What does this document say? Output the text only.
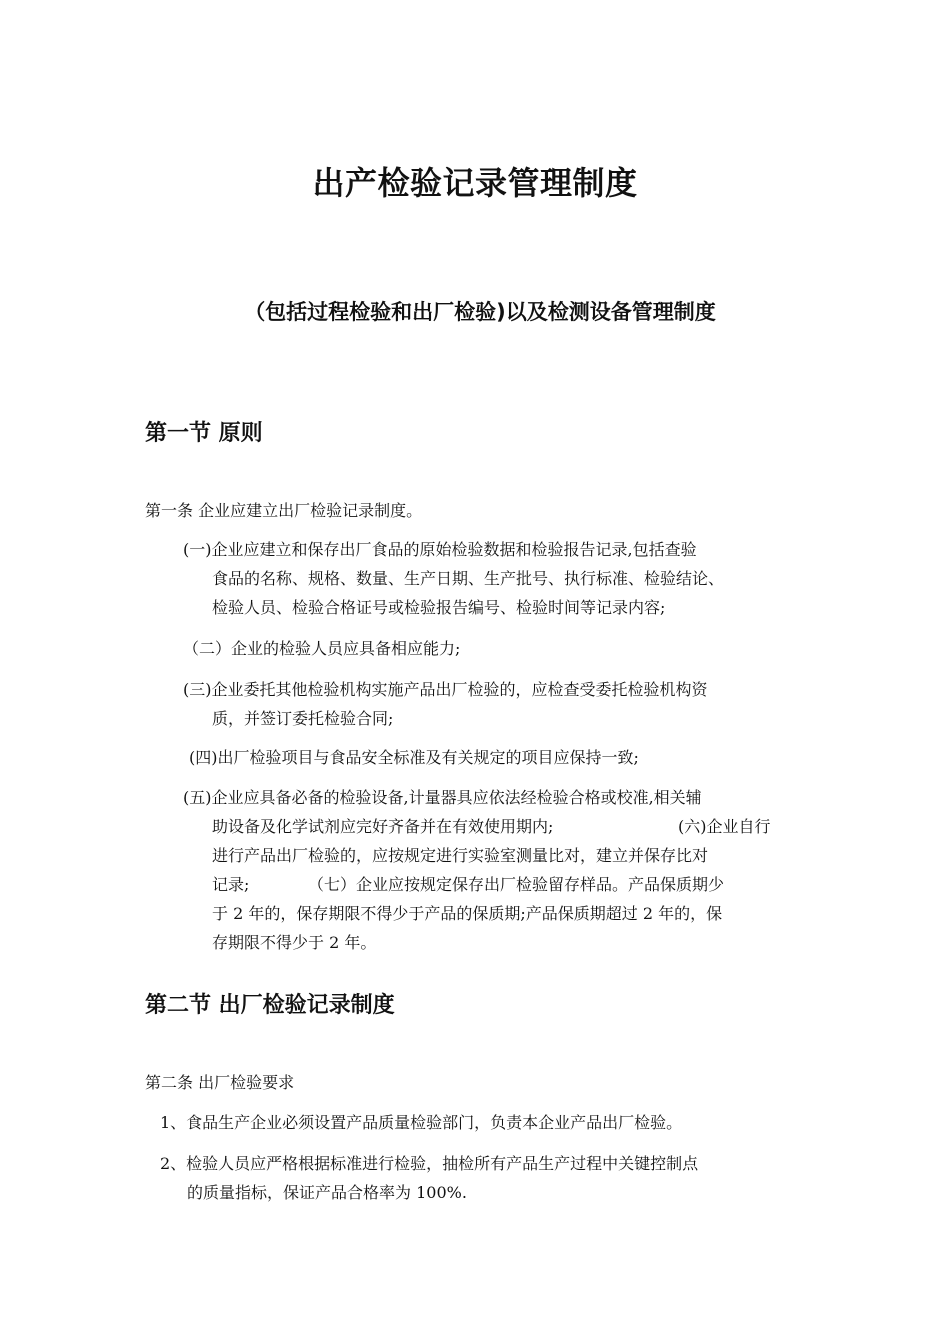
出产检验记录管理制度
（包括过程检验和出厂检验)以及检测设备管理制度
第一节 原则
第一条 企业应建立出厂检验记录制度。
(一)企业应建立和保存出厂食品的原始检验数据和检验报告记录,包括查验
食品的名称、规格、数量、生产日期、生产批号、执行标准、检验结论、
检验人员、检验合格证号或检验报告编号、检验时间等记录内容;
（二）企业的检验人员应具备相应能力;
(三)企业委托其他检验机构实施产品出厂检验的，应检查受委托检验机构资
质，并签订委托检验合同;
(四)出厂检验项目与食品安全标准及有关规定的项目应保持一致;
(五)企业应具备必备的检验设备,计量器具应依法经检验合格或校准,相关辅
助设备及化学试剂应完好齐备并在有效使用期内;	(六)企业自行
进行产品出厂检验的，应按规定进行实验室测量比对，建立并保存比对
记录;	（七）企业应按规定保存出厂检验留存样品。产品保质期少
于 2 年的，保存期限不得少于产品的保质期;产品保质期超过 2 年的，保
存期限不得少于 2 年。
第二节 出厂检验记录制度
第二条 出厂检验要求
1、食品生产企业必须设置产品质量检验部门，负责本企业产品出厂检验。
2、检验人员应严格根据标准进行检验，抽检所有产品生产过程中关键控制点
的质量指标，保证产品合格率为 100%.
